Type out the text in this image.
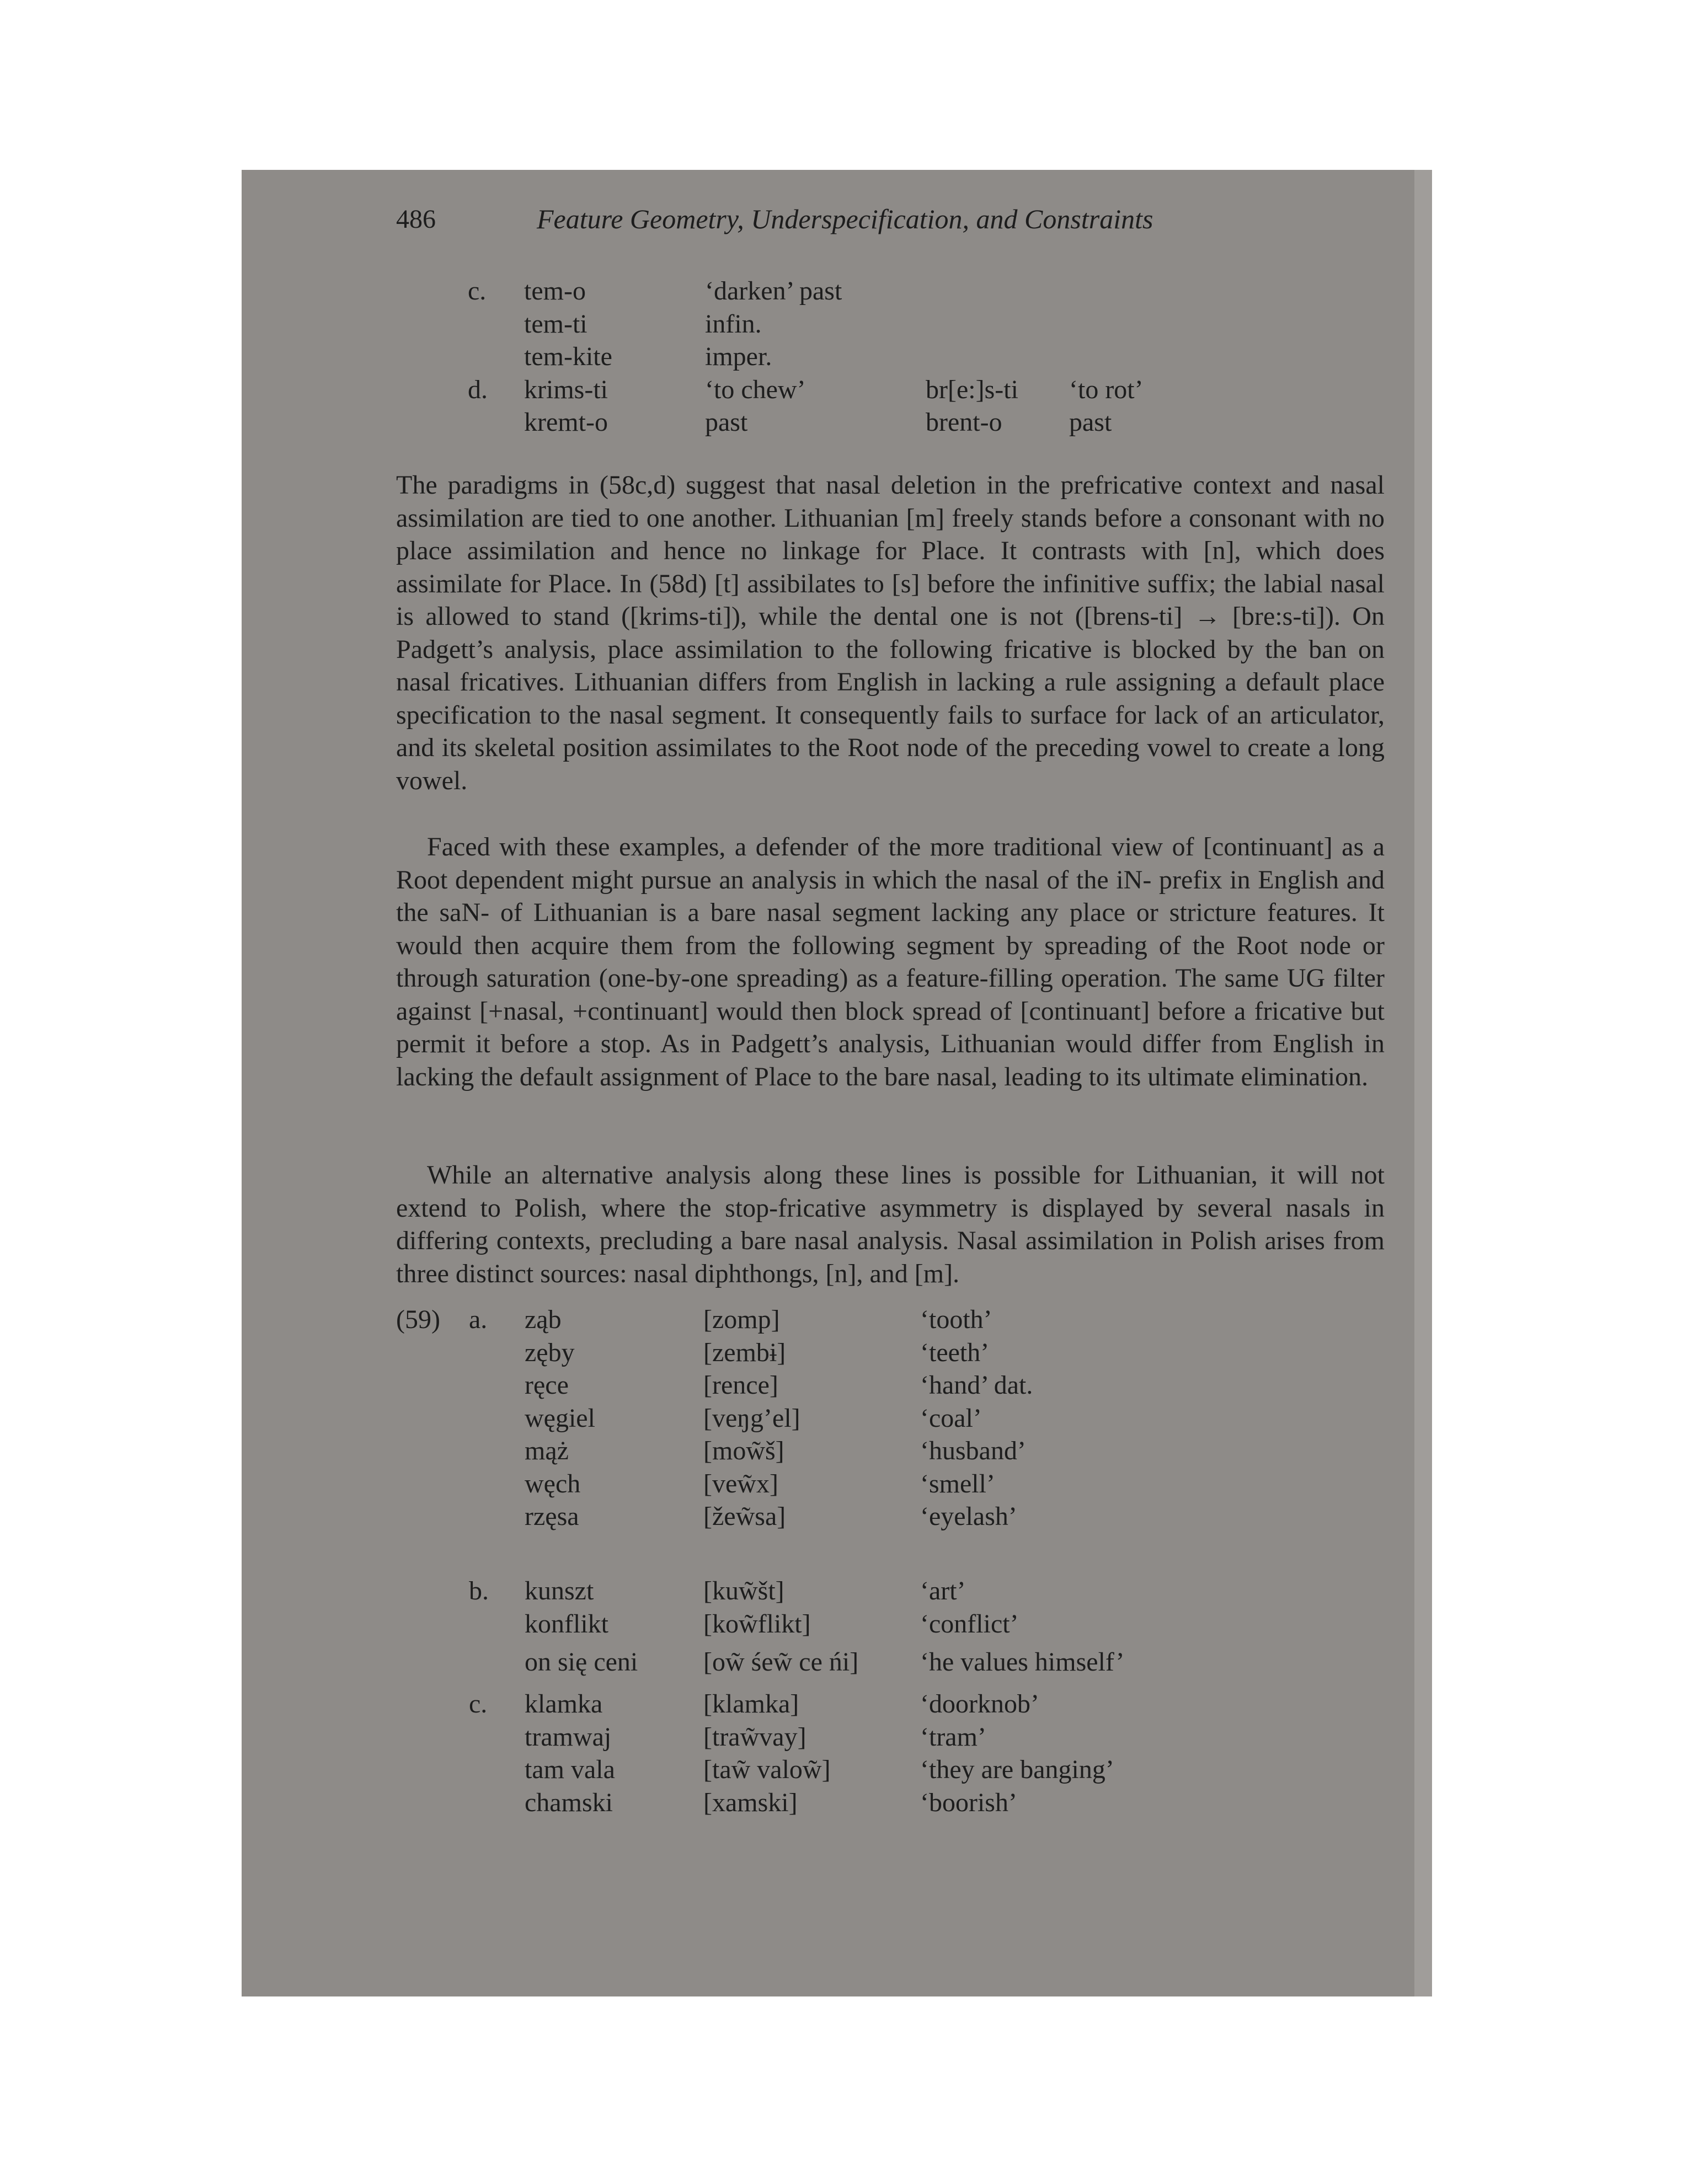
486	Feature Geometry, Underspecification, and Constraints
c. tem-o	‘darken’ past
tem-ti	infin.
tem-kite	imper.
d. krims-ti	‘to chew’	br[e:]s-ti ‘to rot’
kremt-o	past	brent-o	past

The paradigms in (58c,d) suggest that nasal deletion in the prefricative context and nasal assimilation are tied to one another. Lithuanian [m] freely stands before a consonant with no place assimilation and hence no linkage for Place. It contrasts with [n], which does assimilate for Place. In (58d) [t] assibilates to [s] before the infinitive suffix; the labial nasal is allowed to stand ([krims-ti]), while the dental one is not ([brens-ti] → [bre:s-ti]). On Padgett’s analysis, place assimilation to the following fricative is blocked by the ban on nasal fricatives. Lithuanian differs from English in lacking a rule assigning a default place specification to the nasal segment. It consequently fails to surface for lack of an articulator, and its skeletal position assimilates to the Root node of the preceding vowel to create a long vowel.

Faced with these examples, a defender of the more traditional view of [continuant] as a Root dependent might pursue an analysis in which the nasal of the iN- prefix in English and the saN- of Lithuanian is a bare nasal segment lacking any place or stricture features. It would then acquire them from the following segment by spreading of the Root node or through saturation (one-by-one spreading) as a feature-filling operation. The same UG filter against [+nasal, +continuant] would then block spread of [continuant] before a fricative but permit it before a stop. As in Padgett’s analysis, Lithuanian would differ from English in lacking the default assignment of Place to the bare nasal, leading to its ultimate elimination.

While an alternative analysis along these lines is possible for Lithuanian, it will not extend to Polish, where the stop-fricative asymmetry is displayed by several nasals in differing contexts, precluding a bare nasal analysis. Nasal assimilation in Polish arises from three distinct sources: nasal diphthongs, [n], and [m].

(59) a. ząb	[zomp]	‘tooth’
zęby	[zembɨ]	‘teeth’
ręce	[rence]	‘hand’ dat.
węgiel	[veŋg’el]	‘coal’
mąż	[mow̃š]	‘husband’
węch	[vew̃x]	‘smell’
rzęsa	[žew̃sa]	‘eyelash’
b. kunszt	[kuw̃št]	‘art’
konflikt	[kow̃flikt]	‘conflict’
on się ceni [ow̃ śew̃ ce ńi] ‘he values himself’
c. klamka	[klamka]	‘doorknob’
tramwaj	[traw̃vay]	‘tram’
tam vala	[taw̃ valow̃]	‘they are banging’
chamski	[xamski]	‘boorish’
